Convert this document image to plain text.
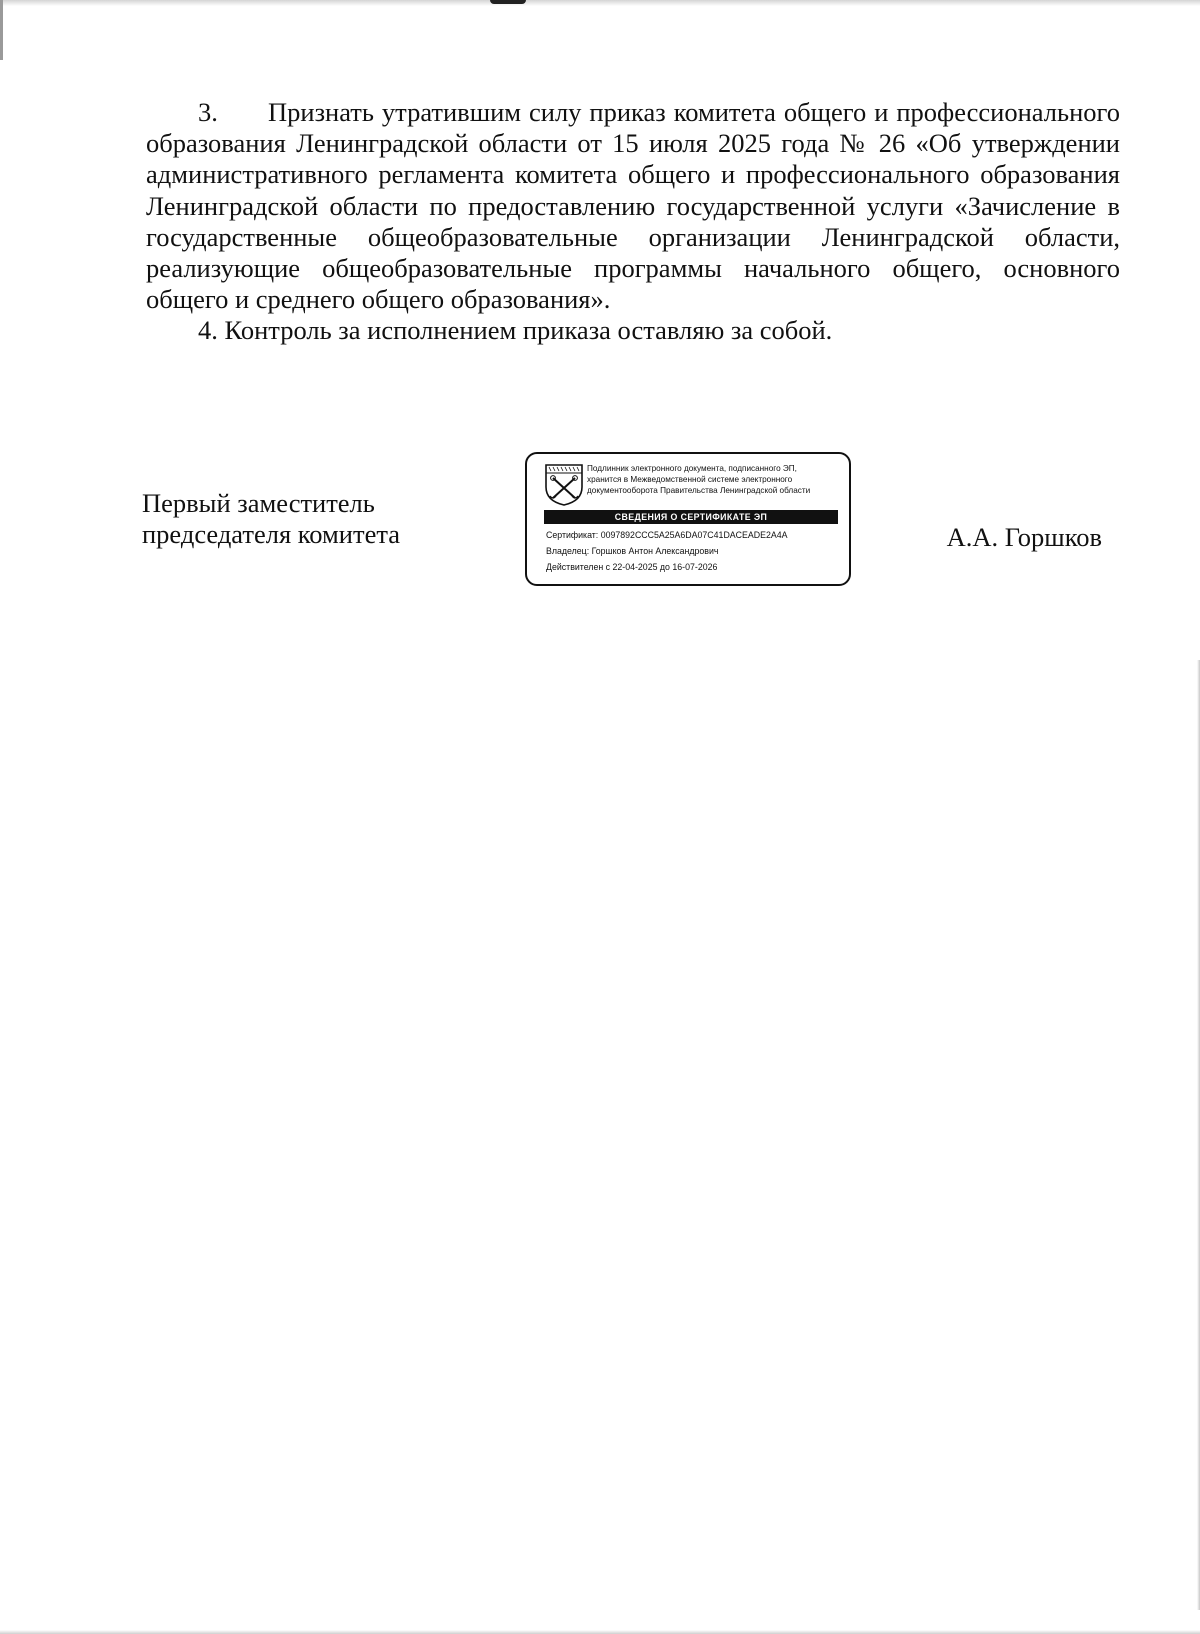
3. Признать утратившим силу приказ комитета общего и профессионального образования Ленинградской области от 15 июля 2025 года № 26 «Об утверждении административного регламента комитета общего и профессионального образования Ленинградской области по предоставлению государственной услуги «Зачисление в государственные общеобразовательные организации Ленинградской области, реализующие общеобразовательные программы начального общего, основного общего и среднего общего образования».

4. Контроль за исполнением приказа оставляю за собой.

Первый заместитель
председателя комитета	А.А. Горшков
Подлинник электронного документа, подписанного ЭП,
хранится в Межведомственной системе электронного
документооборота Правительства Ленинградской области
СВЕДЕНИЯ О СЕРТИФИКАТЕ ЭП
Сертификат: 0097892CCC5A25A6DA07C41DACEADE2A4A
Владелец: Горшков Антон Александрович
Действителен с 22-04-2025 до 16-07-2026
